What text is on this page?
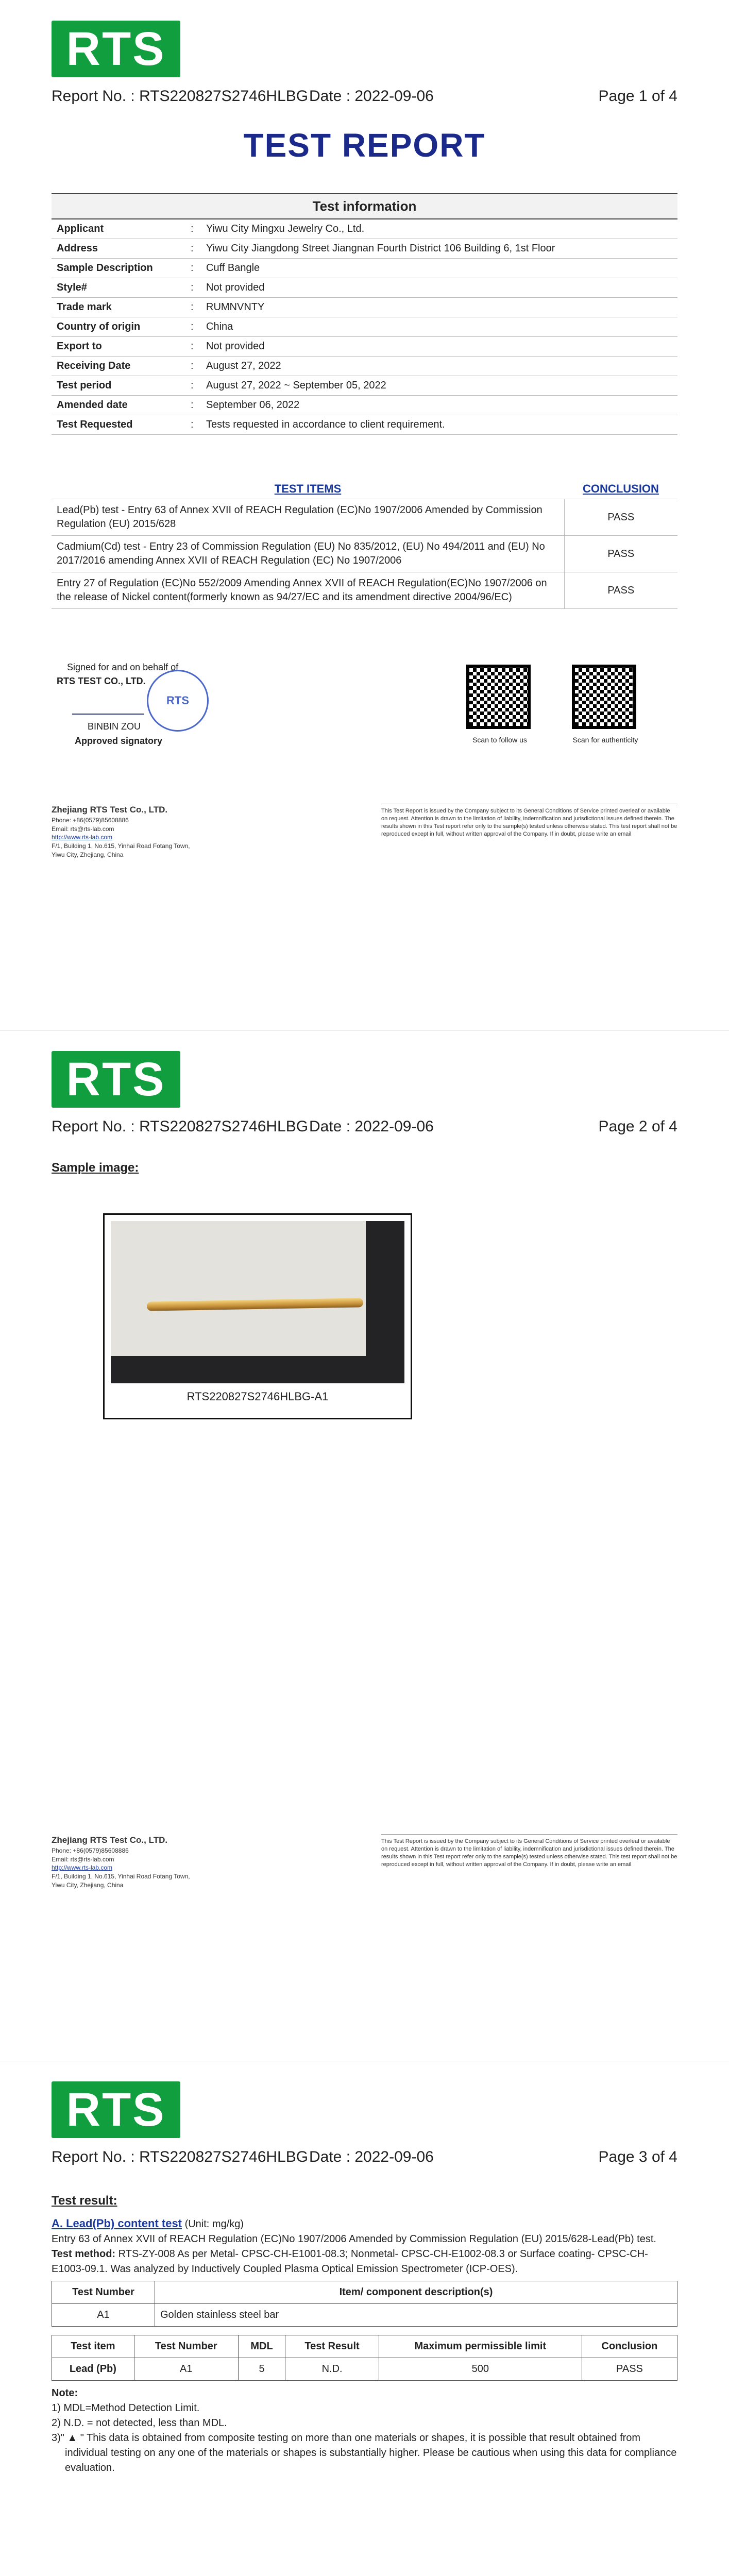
RTS
Report No. : RTS220827S2746HLBG Date : 2022-09-06	Page 1 of 4
TEST REPORT
Test information
Applicant	:	Yiwu City Mingxu Jewelry Co., Ltd.
Address	:	Yiwu City Jiangdong Street Jiangnan Fourth District 106 Building 6, 1st Floor
Sample Description	:	Cuff Bangle
Style#	:	Not provided
Trade mark	:	RUMNVNTY
Country of origin	:	China
Export to	:	Not provided
Receiving Date	:	August 27, 2022
Test period	:	August 27, 2022 ~ September 05, 2022
Amended date	:	September 06, 2022
Test Requested	:	Tests requested in accordance to client requirement.
TEST ITEMS	CONCLUSION
Lead(Pb) test - Entry 63 of Annex XVII of REACH Regulation (EC)No 1907/2006 Amended by Commission Regulation (EU) 2015/628	PASS
Cadmium(Cd) test - Entry 23 of Commission Regulation (EU) No 835/2012, (EU) No 494/2011 and (EU) No 2017/2016 amending Annex XVII of REACH Regulation (EC) No 1907/2006	PASS
Entry 27 of Regulation (EC)No 552/2009 Amending Annex XVII of REACH Regulation(EC)No 1907/2006 on the release of Nickel content(formerly known as 94/27/EC and its amendment directive 2004/96/EC)	PASS
Signed for and on behalf of
RTS TEST CO., LTD.
RTS
BINBIN ZOU
Approved signatory	Scan to follow us	Scan for authenticity
Zhejiang RTS Test Co., LTD.
Phone: +86(0579)85608886
Email: rts@rts-lab.com
http://www.rts-lab.com
F/1, Building 1, No.615, Yinhai Road Fotang Town,
Yiwu City, Zhejiang, China
This Test Report is issued by the Company subject to its General Conditions of Service printed overleaf or available on request. Attention is drawn to the limitation of liability, indemnification and jurisdictional issues defined therein. The results shown in this Test report refer only to the sample(s) tested unless otherwise stated. This test report shall not be reproduced except in full, without written approval of the Company. If in doubt, please write an email
RTS
Report No. : RTS220827S2746HLBG Date : 2022-09-06	Page 2 of 4
Sample image:
RTS220827S2746HLBG-A1
Zhejiang RTS Test Co., LTD.
Phone: +86(0579)85608886
Email: rts@rts-lab.com
http://www.rts-lab.com
F/1, Building 1, No.615, Yinhai Road Fotang Town,
Yiwu City, Zhejiang, China
This Test Report is issued by the Company subject to its General Conditions of Service printed overleaf or available on request. Attention is drawn to the limitation of liability, indemnification and jurisdictional issues defined therein. The results shown in this Test report refer only to the sample(s) tested unless otherwise stated. This test report shall not be reproduced except in full, without written approval of the Company. If in doubt, please write an email
RTS
Report No. : RTS220827S2746HLBG Date : 2022-09-06	Page 3 of 4
Test result:
A. Lead(Pb) content test (Unit: mg/kg)
Entry 63 of Annex XVII of REACH Regulation (EC)No 1907/2006 Amended by Commission Regulation (EU) 2015/628-Lead(Pb) test.
Test method: RTS-ZY-008 As per Metal- CPSC-CH-E1001-08.3; Nonmetal- CPSC-CH-E1002-08.3 or Surface coating- CPSC-CH-E1003-09.1. Was analyzed by Inductively Coupled Plasma Optical Emission Spectrometer (ICP-OES).
Test Number	Item/ component description(s)
A1	Golden stainless steel bar
Test item	Test Number	MDL	Test Result	Maximum permissible limit	Conclusion
Lead (Pb)	A1	5	N.D.	500	PASS
Note:
1) MDL=Method Detection Limit.
2) N.D. = not detected, less than MDL.
3)" ▲ " This data is obtained from composite testing on more than one materials or shapes, it is possible that result obtained from individual testing on any one of the materials or shapes is substantially higher. Please be cautious when using this data for compliance evaluation.
